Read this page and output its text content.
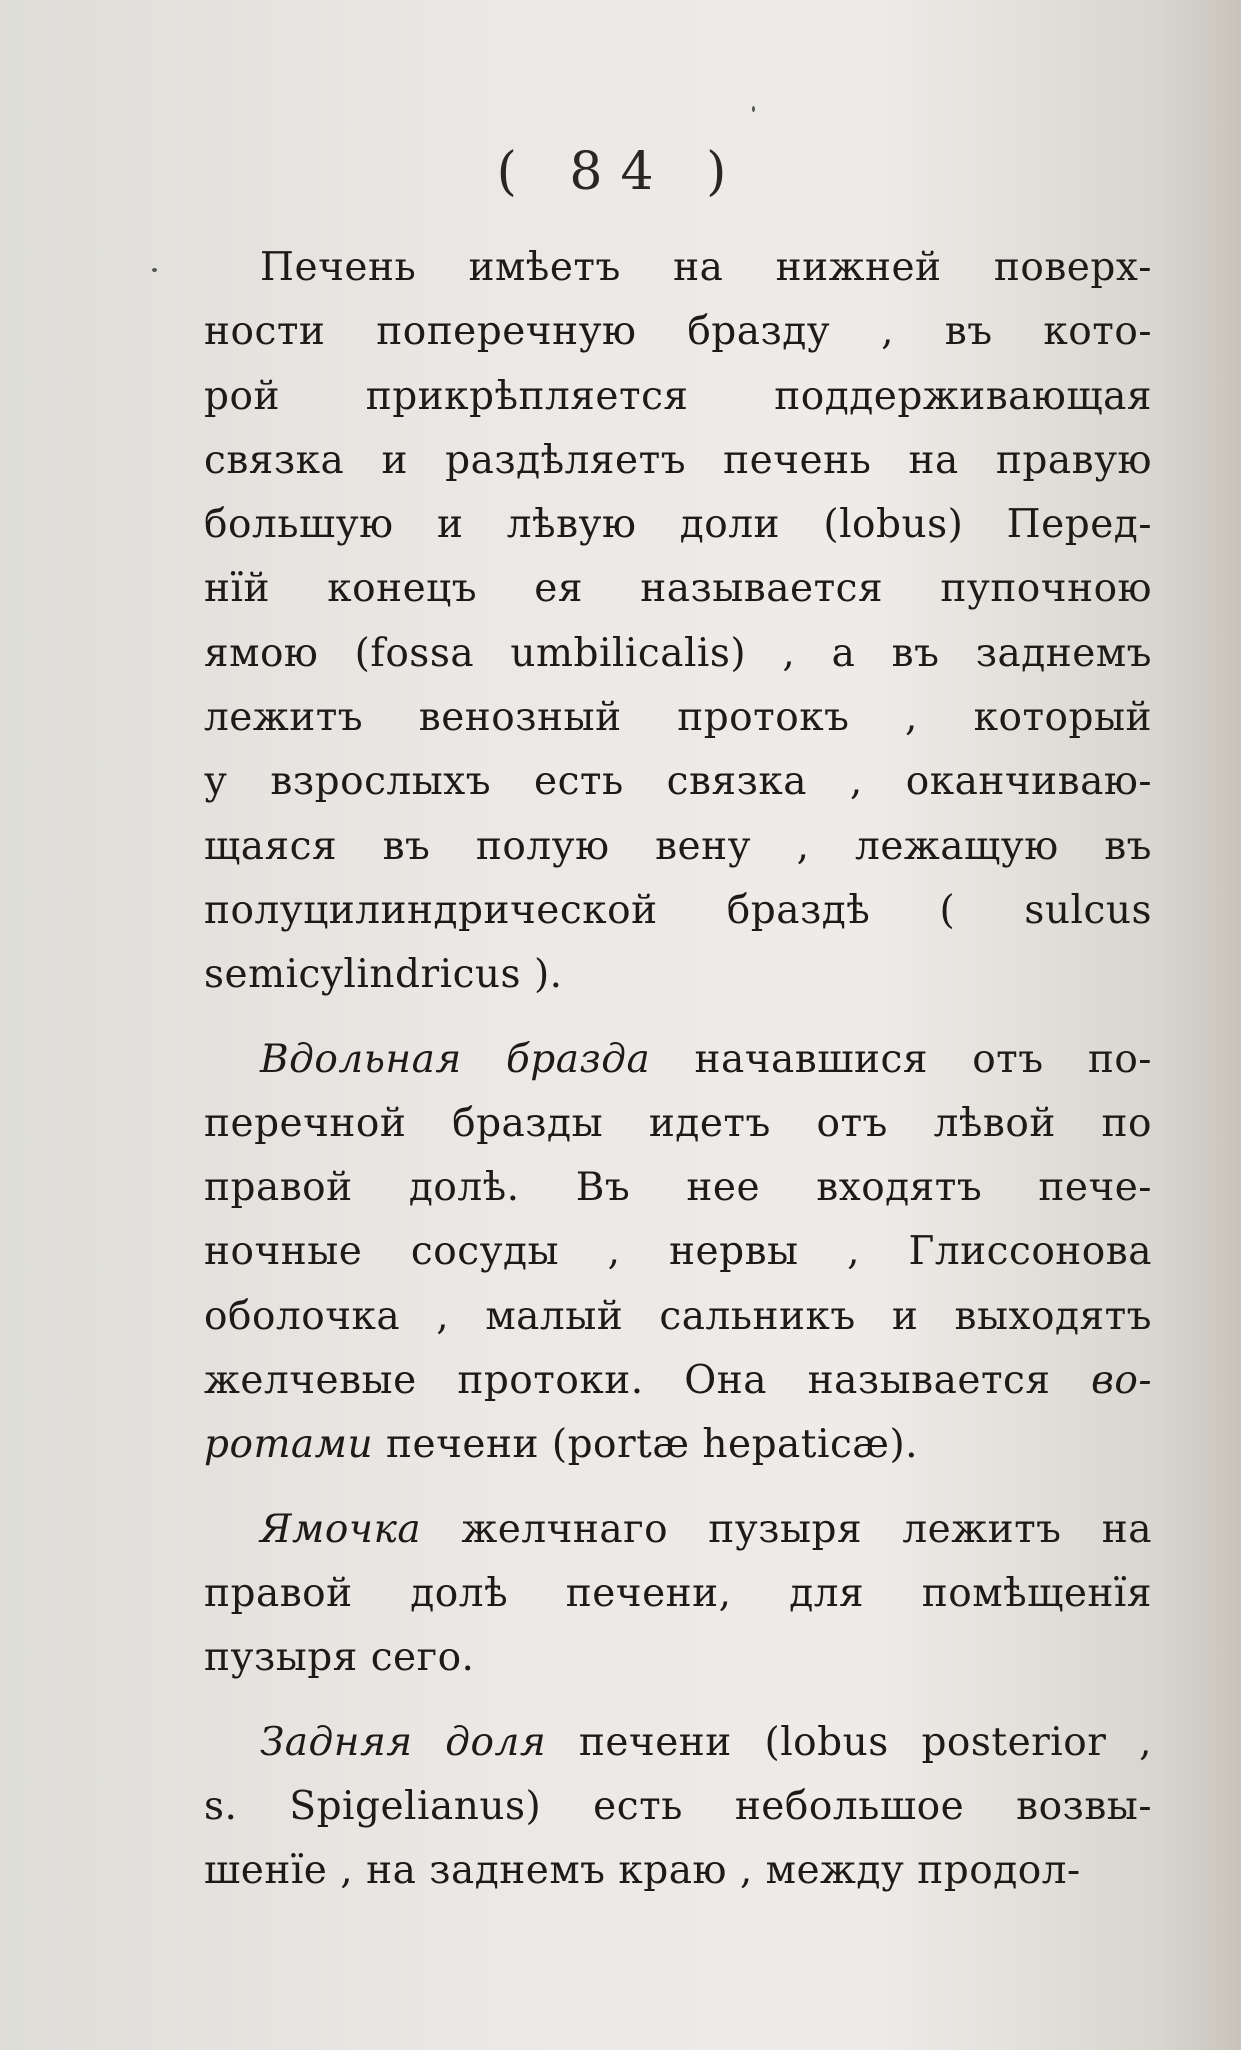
( 84 )
Печень имѣетъ на нижней поверх-
ности поперечную бразду , въ кото-
рой прикрѣпляется поддерживающая
связка и раздѣляетъ печень на правую
большую и лѣвую доли (lobus) Перед-
нїй конецъ ея называется пупочною
ямою (fossa umbilicalis) , а въ заднемъ
лежитъ венозный протокъ , который
у взрослыхъ есть связка , оканчиваю-
щаяся въ полую вену , лежащую въ
полуцилиндрической браздѣ ( sulcus
semicylindricus ).
Вдольная бразда начавшися отъ по-
перечной бразды идетъ отъ лѣвой по
правой долѣ. Въ нее входятъ пече-
ночные сосуды , нервы , Глиссонова
оболочка , малый сальникъ и выходятъ
желчевые протоки. Она называется во-
ротами печени (portæ hepaticæ).
Ямочка желчнаго пузыря лежитъ на
правой долѣ печени, для помѣщенїя
пузыря сего.
Задняя доля печени (lobus posterior ,
s. Spigelianus) есть небольшое возвы-
шенїе , на заднемъ краю , между продол-
